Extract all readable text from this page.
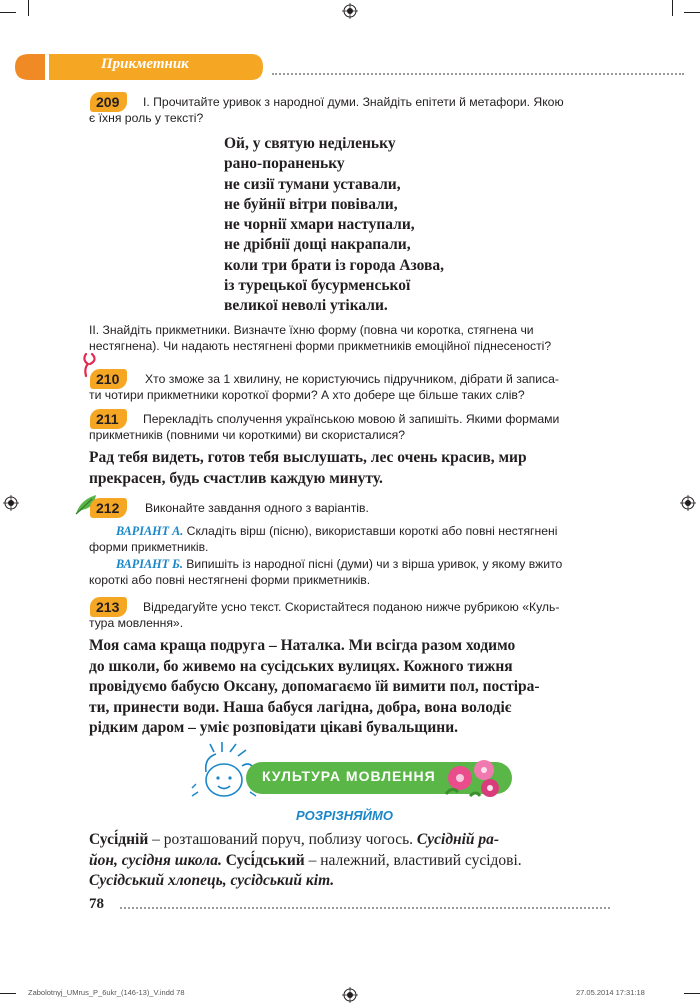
Прикметник
209	І. Прочитайте уривок з народної думи. Знайдіть епітети й метафори. Якою
є їхня роль у тексті?
Ой, у святую неділеньку
рано-пораненьку
не сизії тумани уставали,
не буйнії вітри повівали,
не чорнії хмари наступали,
не дрібнії дощі накрапали,
коли три брати із города Азова,
із турецької бусурменської
великої неволі утікали.
ІІ. Знайдіть прикметники. Визначте їхню форму (повна чи коротка, стягнена чи
нестягнена). Чи надають нестягнені форми прикметників емоційної піднесеності?
210	Хто зможе за 1 хвилину, не користуючись підручником, дібрати й записа-
ти чотири прикметники короткої форми? А хто добере ще більше таких слів?
211	Перекладіть сполучення українською мовою й запишіть. Якими формами
прикметників (повними чи короткими) ви скористалися?
Рад тебя видеть, готов тебя выслушать, лес очень красив, мир
прекрасен, будь счастлив каждую минуту.
212	Виконайте завдання одного з варіантів.
ВАРІАНТ А. Складіть вірш (пісню), використавши короткі або повні нестягнені
форми прикметників.
ВАРІАНТ Б. Випишіть із народної пісні (думи) чи з вірша уривок, у якому вжито
короткі або повні нестягнені форми прикметників.
213	Відредагуйте усно текст. Скористайтеся поданою нижче рубрикою «Куль-
тура мовлення».
Моя сама краща подруга – Наталка. Ми всігда разом ходимо
до школи, бо живемо на сусідських вулицях. Кожного тижня
провідуємо бабусю Оксану, допомагаємо їй вимити пол, постіра-
ти, принести води. Наша бабуся лагідна, добра, вона володіє
рідким даром – уміє розповідати цікаві бувальщини.
КУЛЬТУРА МОВЛЕННЯ
РОЗРІЗНЯЙМО
Сусі́дній – розташований поруч, поблизу чогось. Сусідній ра-
йон, сусідня школа. Сусі́дський – належний, властивий сусідові.
Сусідський хлопець, сусідський кіт.
78
Zabolotnyj_UMrus_P_6ukr_(146-13)_V.indd 78	27.05.2014 17:31:18
